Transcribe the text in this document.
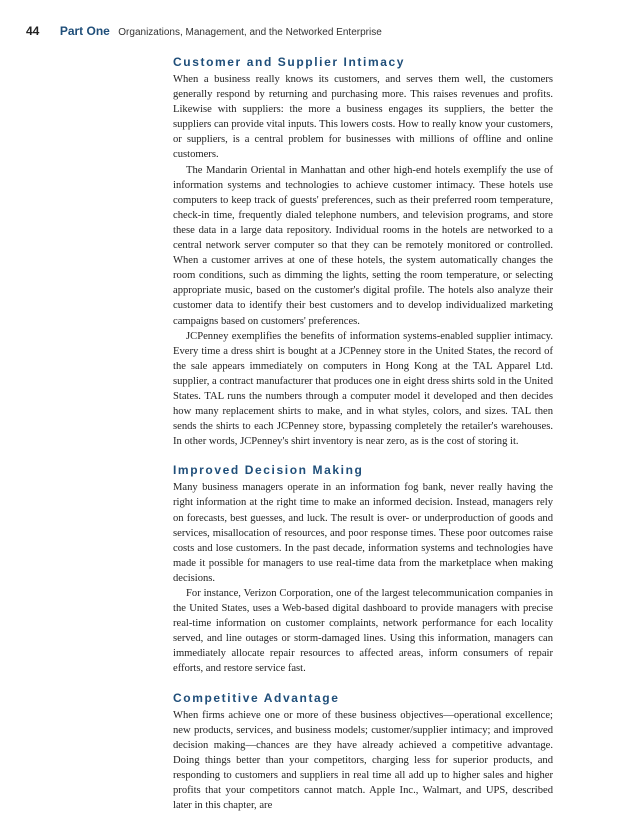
44 Part One Organizations, Management, and the Networked Enterprise
Customer and Supplier Intimacy

When a business really knows its customers, and serves them well, the customers generally respond by returning and purchasing more. This raises revenues and profits. Likewise with suppliers: the more a business engages its suppliers, the better the suppliers can provide vital inputs. This lowers costs. How to really know your customers, or suppliers, is a central problem for businesses with millions of offline and online customers.

The Mandarin Oriental in Manhattan and other high-end hotels exemplify the use of information systems and technologies to achieve customer intimacy. These hotels use computers to keep track of guests' preferences, such as their preferred room temperature, check-in time, frequently dialed telephone numbers, and television programs, and store these data in a large data repository. Individual rooms in the hotels are networked to a central network server computer so that they can be remotely monitored or controlled. When a customer arrives at one of these hotels, the system automatically changes the room conditions, such as dimming the lights, setting the room temperature, or selecting appropriate music, based on the customer's digital profile. The hotels also analyze their customer data to identify their best customers and to develop individualized marketing campaigns based on customers' preferences.

JCPenney exemplifies the benefits of information systems-enabled supplier intimacy. Every time a dress shirt is bought at a JCPenney store in the United States, the record of the sale appears immediately on computers in Hong Kong at the TAL Apparel Ltd. supplier, a contract manufacturer that produces one in eight dress shirts sold in the United States. TAL runs the numbers through a computer model it developed and then decides how many replacement shirts to make, and in what styles, colors, and sizes. TAL then sends the shirts to each JCPenney store, bypassing completely the retailer's warehouses. In other words, JCPenney's shirt inventory is near zero, as is the cost of storing it.

Improved Decision Making

Many business managers operate in an information fog bank, never really having the right information at the right time to make an informed decision. Instead, managers rely on forecasts, best guesses, and luck. The result is over- or underproduction of goods and services, misallocation of resources, and poor response times. These poor outcomes raise costs and lose customers. In the past decade, information systems and technologies have made it possible for managers to use real-time data from the marketplace when making decisions.

For instance, Verizon Corporation, one of the largest telecommunication companies in the United States, uses a Web-based digital dashboard to provide managers with precise real-time information on customer complaints, network performance for each locality served, and line outages or storm-damaged lines. Using this information, managers can immediately allocate repair resources to affected areas, inform consumers of repair efforts, and restore service fast.

Competitive Advantage

When firms achieve one or more of these business objectives—operational excellence; new products, services, and business models; customer/supplier intimacy; and improved decision making—chances are they have already achieved a competitive advantage. Doing things better than your competitors, charging less for superior products, and responding to customers and suppliers in real time all add up to higher sales and higher profits that your competitors cannot match. Apple Inc., Walmart, and UPS, described later in this chapter, are
